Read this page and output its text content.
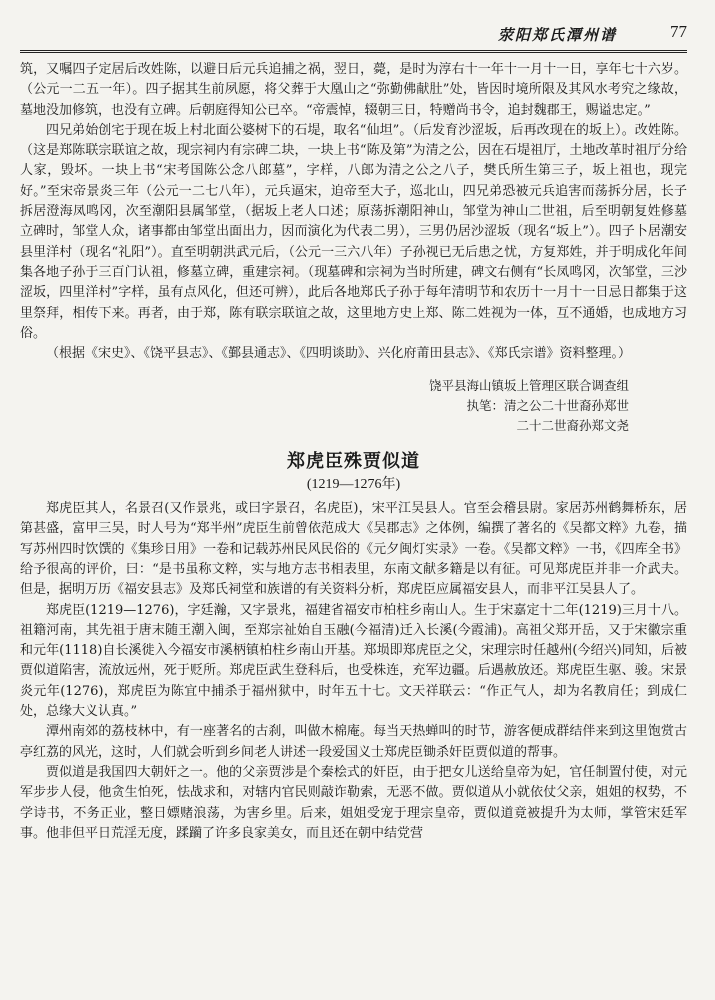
荥阳郑氏潭州谱	77

筑，又嘱四子定居后改姓陈，以避日后元兵追捕之祸，翌日，薨，是时为淳右十一年十一月十一日，享年七十六岁。（公元一二五一年）。四子据其生前夙愿，将父葬于大凰山之“弥勤佛献肚”处，皆因时境所限及其风水考究之缘故，墓地没加修筑，也没有立碑。后朝庭得知公已卒。“帝震悼，辍朝三日，特赠尚书令，追封魏郡王，赐谥忠定。”

四兄弟始创宅于现在坂上村北面公婆树下的石堤，取名“仙坦”。（后发育沙涩坂，后再改现在的坂上）。改姓陈。（这是郑陈联宗联谊之故，现宗祠内有宗碑二块，一块上书“陈及第”为清之公，因在石堤祖厅，土地改革时祖厅分给人家，毁坏。一块上书“宋考国陈公念八郎墓”，字样，八郎为清之公之八子，樊氏所生第三子，坂上祖也，现完好。”至宋帝景炎三年（公元一二七八年），元兵逼宋，迫帝至大子，巡北山，四兄弟恐被元兵追害而荡拆分居，长子拆居澄海凤鸣冈，次至潮阳县属邹堂，（据坂上老人口述；原荡拆潮阳神山，邹堂为神山二世祖，后至明朝复姓修墓立碑时，邹堂人众，诸事都由邹堂出面出力，因而演化为代表二男），三男仍居沙涩坂（现名“坂上”）。四子卜居潮安县里洋村（现名“礼阳”）。直至明朝洪武元后，（公元一三六八年）子孙视已无后患之忧，方复郑姓，并于明成化年间集各地子孙于三百门认祖，修墓立碑，重建宗祠。（现墓碑和宗祠为当时所建，碑文右侧有“长凤鸣冈，次邹堂，三沙涩坂，四里洋村”字样，虽有点风化，但还可辨），此后各地郑氏子孙于每年清明节和农历十一月十一日忌日都集于这里祭拜，相传下来。再者，由于郑，陈有联宗联谊之故，这里地方史上郑、陈二姓视为一体，互不通婚，也成地方习俗。

（根据《宋史》、《饶平县志》、《鄞县通志》、《四明谈助》、兴化府莆田县志》、《郑氏宗谱》资料整理。）

饶平县海山镇坂上管理区联合调查组
执笔：清之公二十世裔孙郑世
二十二世裔孙郑文尧
郑虎臣殊贾似道
(1219—1276年)

郑虎臣其人，名景召(又作景兆，或曰字景召，名虎臣)，宋平江吴县人。官至会稽县尉。家居苏州鹤舞桥东，居第甚盛，富甲三吴，时人号为“郑半州”虎臣生前曾依范成大《吴郡志》之体例，编撰了著名的《吴都文粹》九卷，描写苏州四时饮馔的《集珍日用》一卷和记载苏州民风民俗的《元夕闽灯实录》一卷。《吴都文粹》一书，《四库全书》给予很高的评价，曰：“是书虽称文粹，实与地方志书相表里，东南文献多籍是以有征。可见郑虎臣并非一介武夫。但是，据明万历《福安县志》及郑氏祠堂和族谱的有关资料分析，郑虎臣应属福安县人，而非平江吴县人了。

郑虎臣(1219—1276)，字廷瀚，又字景兆，福建省福安市柏柱乡南山人。生于宋嘉定十二年(1219)三月十八。祖籍河南，其先祖于唐末随王潮入闽，至郑宗祉始自玉融(今福清)迁入长溪(今霞浦)。高祖父郑开岳，又于宋徽宗重和元年(1118)自长溪徙入今福安市溪柄镇柏柱乡南山开基。郑埙即郑虎臣之父，宋理宗时任越州(今绍兴)同知，后被贾似道陷害，流放远州，死于贬所。郑虎臣武生登科后，也受株连，充军边疆。后遇赦放还。郑虎臣生驱、骏。宋景炎元年(1276)，郑虎臣为陈宜中捕杀于福州狱中，时年五十七。文天祥联云：“作正气人，却为名教肩任；到成仁处，总缘大义认真。”

潭州南郊的荔枝林中，有一座著名的古刹，叫做木棉庵。每当天热蝉叫的时节，游客便成群结伴来到这里饱赏古亭红荔的风光，这时，人们就会听到乡间老人讲述一段爱国义士郑虎臣锄杀奸臣贾似道的帮事。

贾似道是我国四大朝奸之一。他的父亲贾涉是个秦桧式的奸臣，由于把女儿送给皇帝为妃，官任制置付使，对元军步步人侵，他贪生怕死，怯战求和，对辖内官民则敲诈勒索，无恶不做。贾似道从小就依仗父亲，姐姐的权势，不学诗书，不务正业，整日嫖赌浪荡，为害乡里。后来，姐姐受宠于理宗皇帝，贾似道竟被提升为太师，掌管宋廷军事。他非但平日荒淫无度，蹂躏了许多良家美女，而且还在朝中结党营
